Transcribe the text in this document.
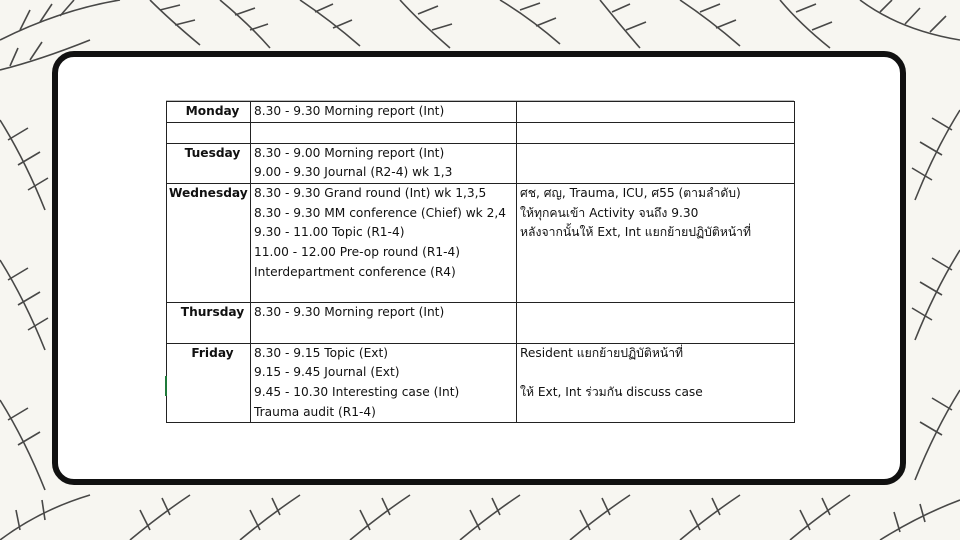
Monday	8.30 - 9.30 Morning report (Int)	

Tuesday	8.30 - 9.00 Morning report (Int)
9.00 - 9.30 Journal (R2-4) wk 1,3	

Wednesday	8.30 - 9.30 Grand round (Int) wk 1,3,5
8.30 - 9.30 MM conference (Chief) wk 2,4
9.30 - 11.00 Topic (R1-4)
11.00 - 12.00 Pre-op round (R1-4)
Interdepartment conference (R4)	ศช, ศญ, Trauma, ICU, ศ55 (ตามลำดับ)
ให้ทุกคนเข้า Activity จนถึง 9.30
หลังจากนั้นให้ Ext, Int แยกย้ายปฏิบัติหน้าที่

Thursday	8.30 - 9.30 Morning report (Int)	

Friday	8.30 - 9.15 Topic (Ext)
9.15 - 9.45 Journal (Ext)
9.45 - 10.30 Interesting case (Int)
Trauma audit (R1-4)	Resident แยกย้ายปฏิบัติหน้าที่
ให้ Ext, Int ร่วมกัน discuss case
